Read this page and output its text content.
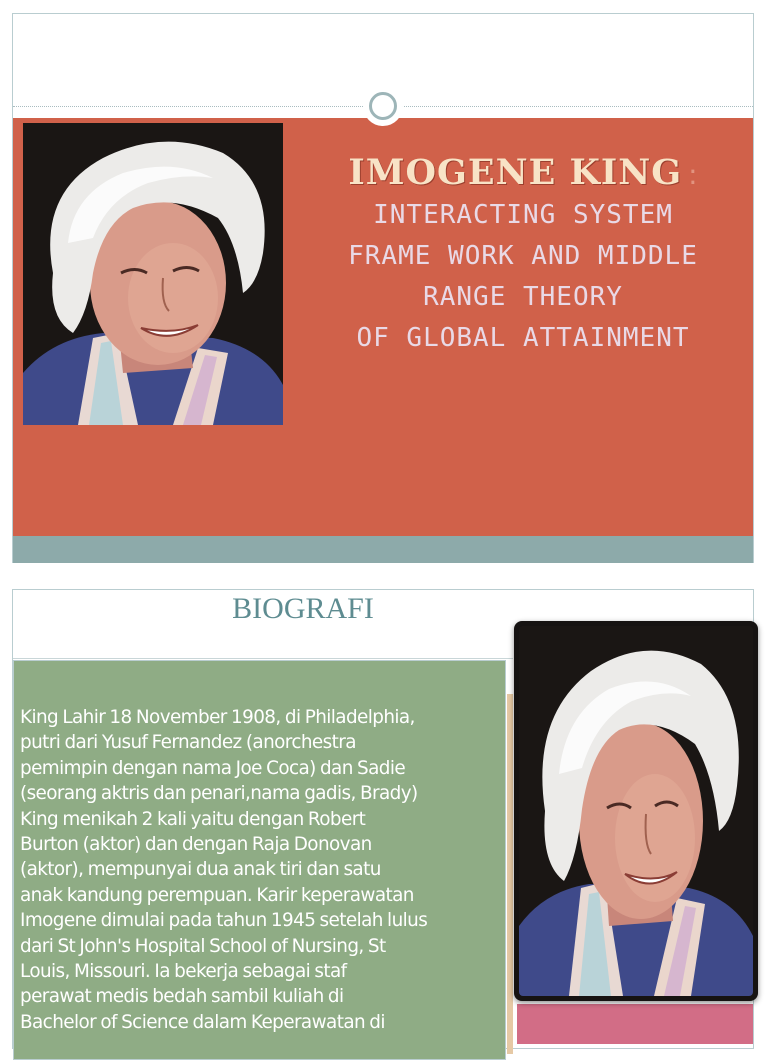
IMOGENE KING :
INTERACTING SYSTEM
FRAME WORK AND MIDDLE
RANGE THEORY
OF GLOBAL ATTAINMENT
BIOGRAFI
King Lahir 18 November 1908, di Philadelphia,
putri dari Yusuf Fernandez (anorchestra
pemimpin dengan nama Joe Coca) dan Sadie
(seorang aktris dan penari,nama gadis, Brady)
King menikah 2 kali yaitu dengan Robert
Burton (aktor) dan dengan Raja Donovan
(aktor), mempunyai dua anak tiri dan satu
anak kandung perempuan. Karir keperawatan
Imogene dimulai pada tahun 1945 setelah lulus
dari St John's Hospital School of Nursing, St
Louis, Missouri. Ia bekerja sebagai staf
perawat medis bedah sambil kuliah di
Bachelor of Science dalam Keperawatan di
